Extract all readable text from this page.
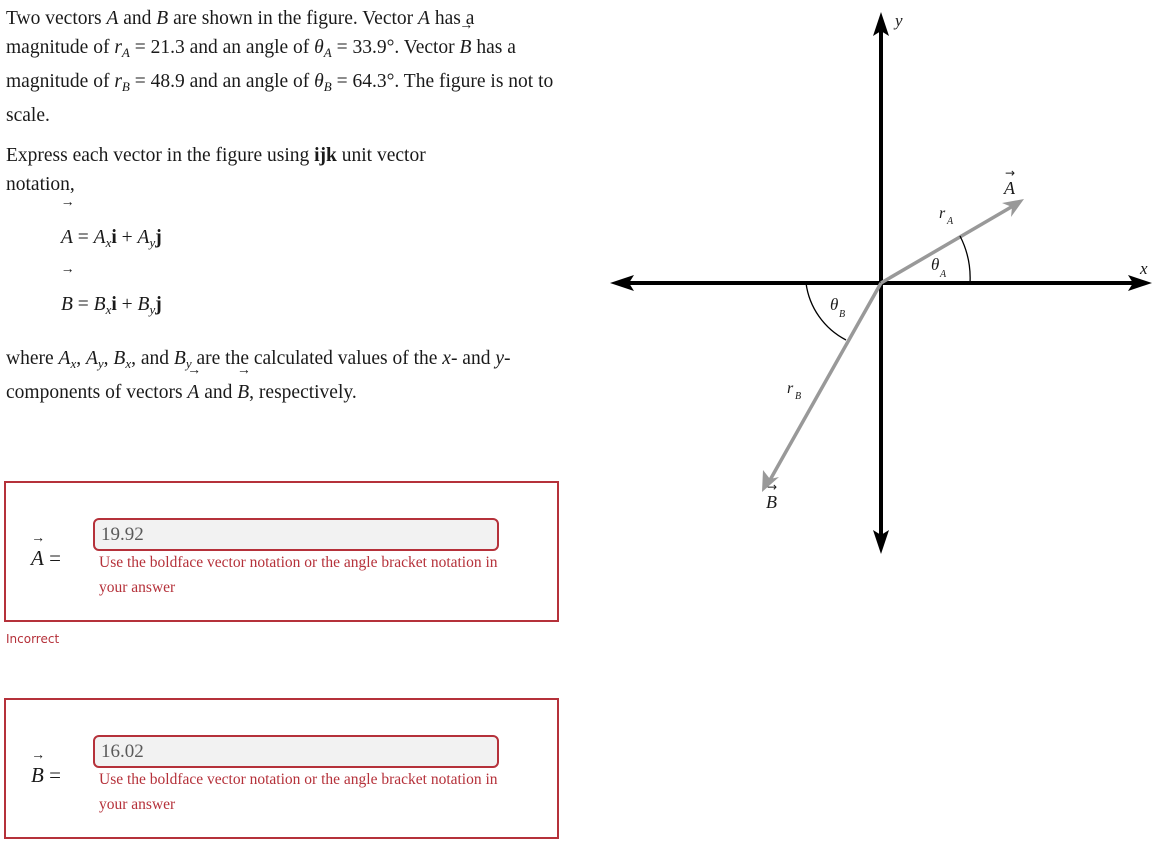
Two vectors → A and → B are shown in the figure. Vector → A has a magnitude of $r_A = 21.3$ and an angle of $\theta_A = 33.9^\circ$. Vector → B has a magnitude of $r_B = 48.9$ and an angle of $\theta_B = 64.3^\circ$. The figure is not to scale.

Express each vector in the figure using ijk unit vector notation,

→ $A = A_xi + A_yj$

→ $B = B_xi + B_yj$

where $A_x$, $A_y$, $B_x$, and $B_y$ are the calculated values of the x- and y-components of vectors → A and → B, respectively.

→ A =
19.92
Use the boldface vector notation or the angle bracket notation in your answer
Incorrect
→ B =
16.02
Use the boldface vector notation or the angle bracket notation in your answer
y
x
A
→
B
→
r A
r B
θ
A
θ
B
